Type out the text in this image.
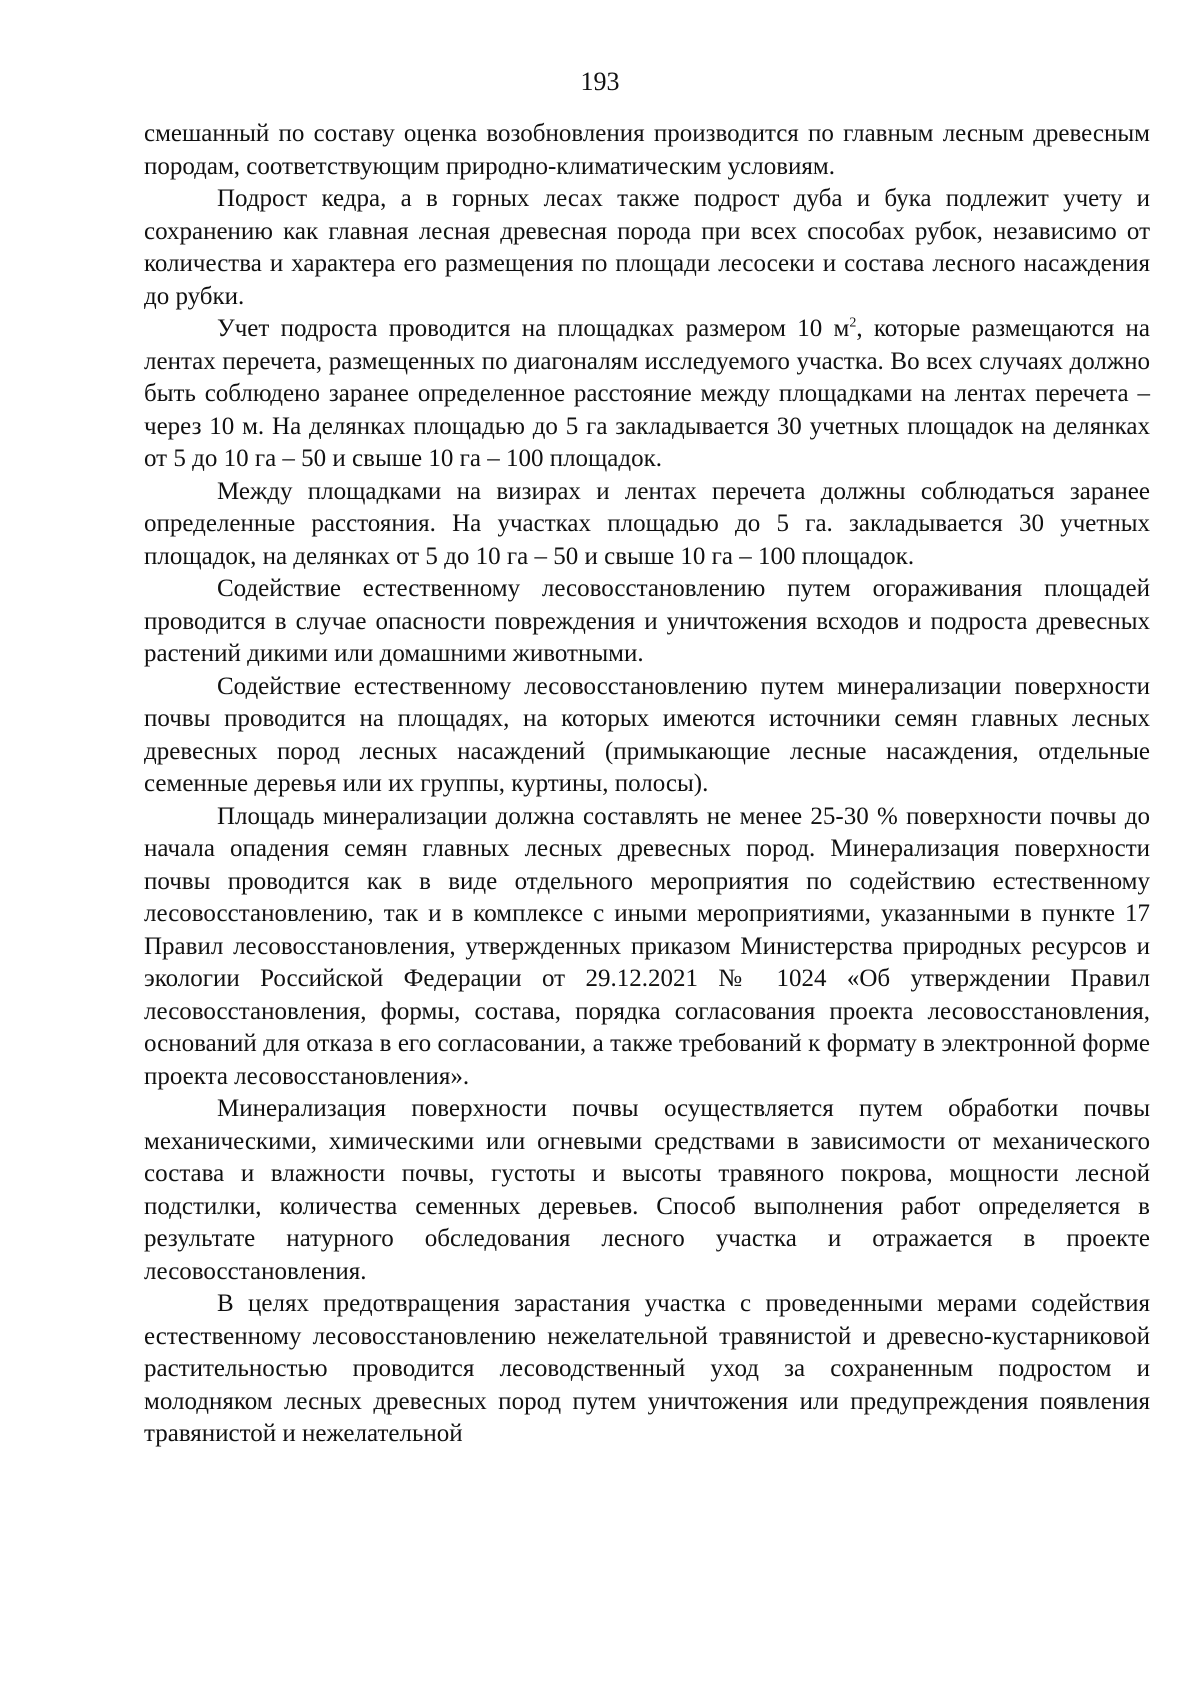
193

смешанный по составу оценка возобновления производится по главным лесным древесным породам, соответствующим природно-климатическим условиям.

Подрост кедра, а в горных лесах также подрост дуба и бука подлежит учету и сохранению как главная лесная древесная порода при всех способах рубок, независимо от количества и характера его размещения по площади лесосеки и состава лесного насаждения до рубки.

Учет подроста проводится на площадках размером 10 $м^2$, которые размещаются на лентах перечета, размещенных по диагоналям исследуемого участка. Во всех случаях должно быть соблюдено заранее определенное расстояние между площадками на лентах перечета – через 10 м. На делянках площадью до 5 га закладывается 30 учетных площадок на делянках от 5 до 10 га – 50 и свыше 10 га – 100 площадок.

Между площадками на визирах и лентах перечета должны соблюдаться заранее определенные расстояния. На участках площадью до 5 га. закладывается 30 учетных площадок, на делянках от 5 до 10 га – 50 и свыше 10 га – 100 площадок.

Содействие естественному лесовосстановлению путем огораживания площадей проводится в случае опасности повреждения и уничтожения всходов и подроста древесных растений дикими или домашними животными.

Содействие естественному лесовосстановлению путем минерализации поверхности почвы проводится на площадях, на которых имеются источники семян главных лесных древесных пород лесных насаждений (примыкающие лесные насаждения, отдельные семенные деревья или их группы, куртины, полосы).

Площадь минерализации должна составлять не менее 25-30 % поверхности почвы до начала опадения семян главных лесных древесных пород. Минерализация поверхности почвы проводится как в виде отдельного мероприятия по содействию естественному лесовосстановлению, так и в комплексе с иными мероприятиями, указанными в пункте 17 Правил лесовосстановления, утвержденных приказом Министерства природных ресурсов и экологии Российской Федерации от 29.12.2021 № 1024 «Об утверждении Правил лесовосстановления, формы, состава, порядка согласования проекта лесовосстановления, оснований для отказа в его согласовании, а также требований к формату в электронной форме проекта лесовосстановления».

Минерализация поверхности почвы осуществляется путем обработки почвы механическими, химическими или огневыми средствами в зависимости от механического состава и влажности почвы, густоты и высоты травяного покрова, мощности лесной подстилки, количества семенных деревьев. Способ выполнения работ определяется в результате натурного обследования лесного участка и отражается в проекте лесовосстановления.

В целях предотвращения зарастания участка с проведенными мерами содействия естественному лесовосстановлению нежелательной травянистой и древесно-кустарниковой растительностью проводится лесоводственный уход за сохраненным подростом и молодняком лесных древесных пород путем уничтожения или предупреждения появления травянистой и нежелательной
